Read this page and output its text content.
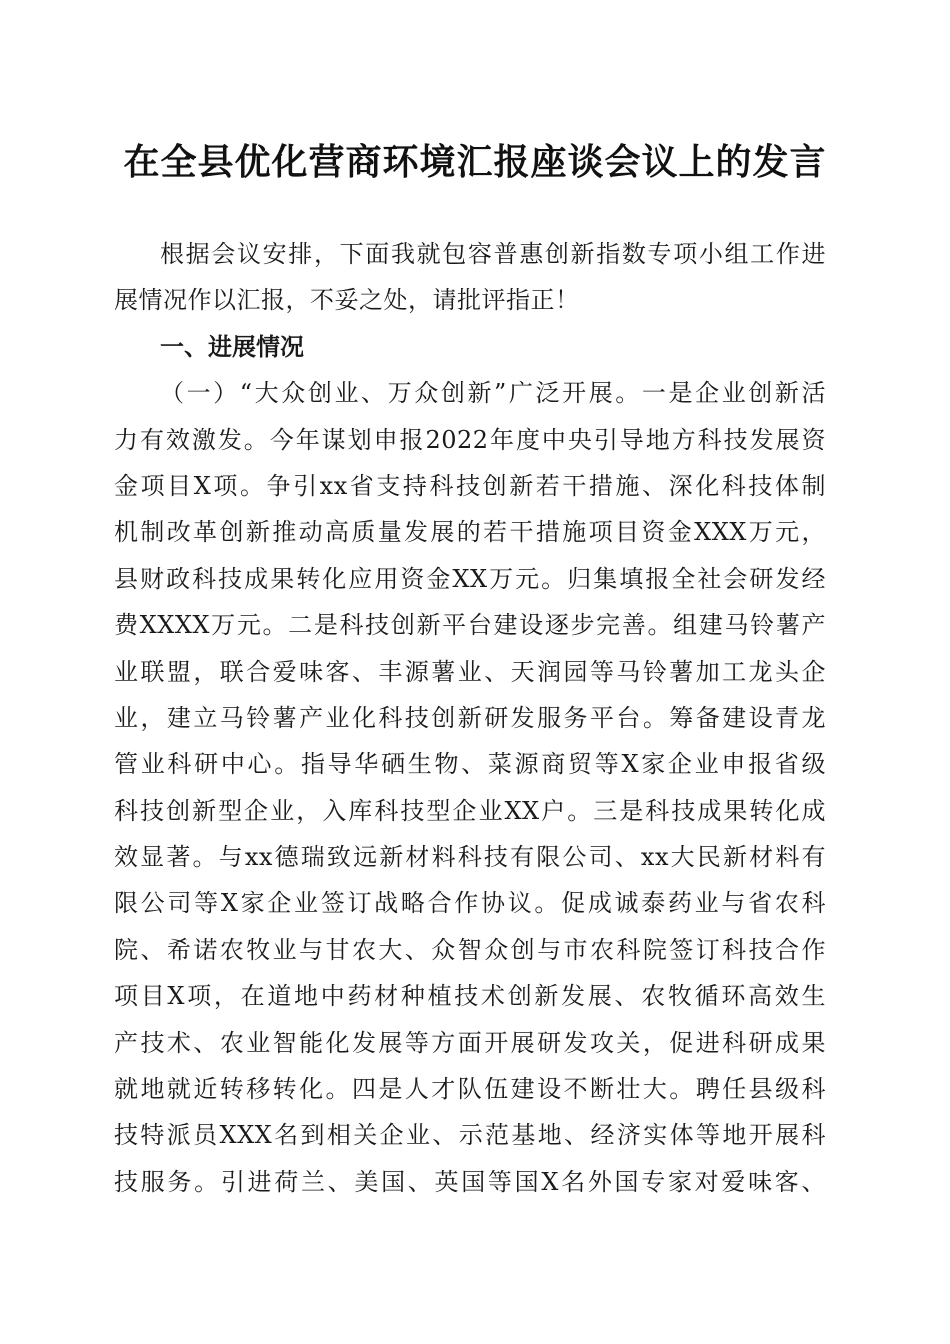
在全县优化营商环境汇报座谈会议上的发言
根据会议安排，下面我就包容普惠创新指数专项小组工作进
展情况作以汇报，不妥之处，请批评指正！
一、进展情况
（一）“大众创业、万众创新”广泛开展。一是企业创新活
力有效激发。今年谋划申报2022年度中央引导地方科技发展资
金项目X项。争引xx省支持科技创新若干措施、深化科技体制
机制改革创新推动高质量发展的若干措施项目资金XXX万元，
县财政科技成果转化应用资金XX万元。归集填报全社会研发经
费XXXX万元。二是科技创新平台建设逐步完善。组建马铃薯产
业联盟，联合爱味客、丰源薯业、天润园等马铃薯加工龙头企
业，建立马铃薯产业化科技创新研发服务平台。筹备建设青龙
管业科研中心。指导华硒生物、菜源商贸等X家企业申报省级
科技创新型企业，入库科技型企业XX户。三是科技成果转化成
效显著。与xx德瑞致远新材料科技有限公司、xx大民新材料有
限公司等X家企业签订战略合作协议。促成诚泰药业与省农科
院、希诺农牧业与甘农大、众智众创与市农科院签订科技合作
项目X项，在道地中药材种植技术创新发展、农牧循环高效生
产技术、农业智能化发展等方面开展研发攻关，促进科研成果
就地就近转移转化。四是人才队伍建设不断壮大。聘任县级科
技特派员XXX名到相关企业、示范基地、经济实体等地开展科
技服务。引进荷兰、美国、英国等国X名外国专家对爱味客、
